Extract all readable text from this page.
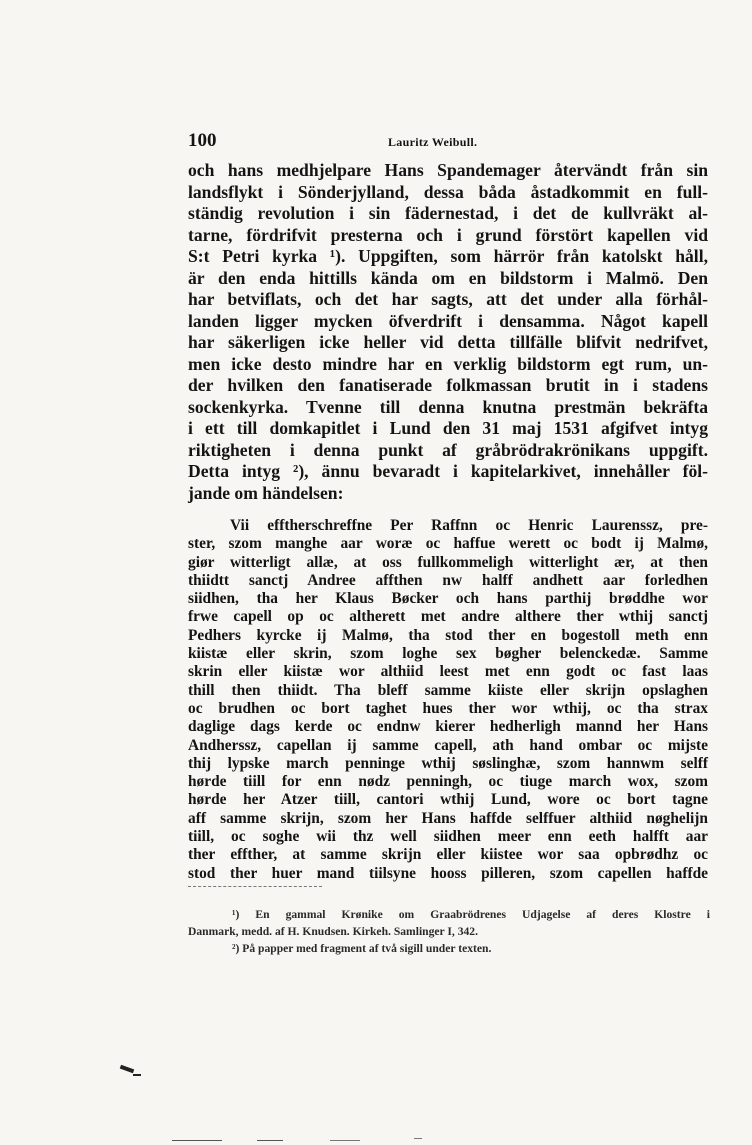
100	Lauritz Weibull.
och hans medhjelpare Hans Spandemager återvändt från sin
landsflykt i Sönderjylland, dessa båda åstadkommit en full-
ständig revolution i sin fädernestad, i det de kullvräkt al-
tarne, fördrifvit presterna och i grund förstört kapellen vid
S:t Petri kyrka ¹). Uppgiften, som härrör från katolskt håll,
är den enda hittills kända om en bildstorm i Malmö. Den
har betviflats, och det har sagts, att det under alla förhål-
landen ligger mycken öfverdrift i densamma. Något kapell
har säkerligen icke heller vid detta tillfälle blifvit nedrifvet,
men icke desto mindre har en verklig bildstorm egt rum, un-
der hvilken den fanatiserade folkmassan brutit in i stadens
sockenkyrka. Tvenne till denna knutna prestmän bekräfta
i ett till domkapitlet i Lund den 31 maj 1531 afgifvet intyg
riktigheten i denna punkt af gråbrödrakrönikans uppgift.
Detta intyg ²), ännu bevaradt i kapitelarkivet, innehåller föl-
jande om händelsen:
Vii efftherschreffne Per Raffnn oc Henric Laurenssz, pre-
ster, szom manghe aar woræ oc haffue werett oc bodt ij Malmø,
giør witterligt allæ, at oss fullkommeligh witterlight ær, at then
thiidtt sanctj Andree affthen nw halff andhett aar forledhen
siidhen, tha her Klaus Bøcker och hans parthij brøddhe wor
frwe capell op oc altherett met andre althere ther wthij sanctj
Pedhers kyrcke ij Malmø, tha stod ther en bogestoll meth enn
kiistæ eller skrin, szom loghe sex bøgher belenckedæ. Samme
skrin eller kiistæ wor althiid leest met enn godt oc fast laas
thill then thiidt. Tha bleff samme kiiste eller skrijn opslaghen
oc brudhen oc bort taghet hues ther wor wthij, oc tha strax
daglige dags kerde oc endnw kierer hedherligh mannd her Hans
Andherssz, capellan ij samme capell, ath hand ombar oc mijste
thij lypske march penninge wthij søslinghæ, szom hannwm selff
hørde tiill for enn nødz penningh, oc tiuge march wox, szom
hørde her Atzer tiill, cantori wthij Lund, wore oc bort tagne
aff samme skrijn, szom her Hans haffde selffuer althiid nøghelijn
tiill, oc soghe wii thz well siidhen meer enn eeth halfft aar
ther effther, at samme skrijn eller kiistee wor saa opbrødhz oc
stod ther huer mand tiilsyne hooss pilleren, szom capellen haffde
¹) En gammal Krønike om Graabrödrenes Udjagelse af deres Klostre i
Danmark, medd. af H. Knudsen. Kirkeh. Samlinger I, 342.
²) På papper med fragment af två sigill under texten.
